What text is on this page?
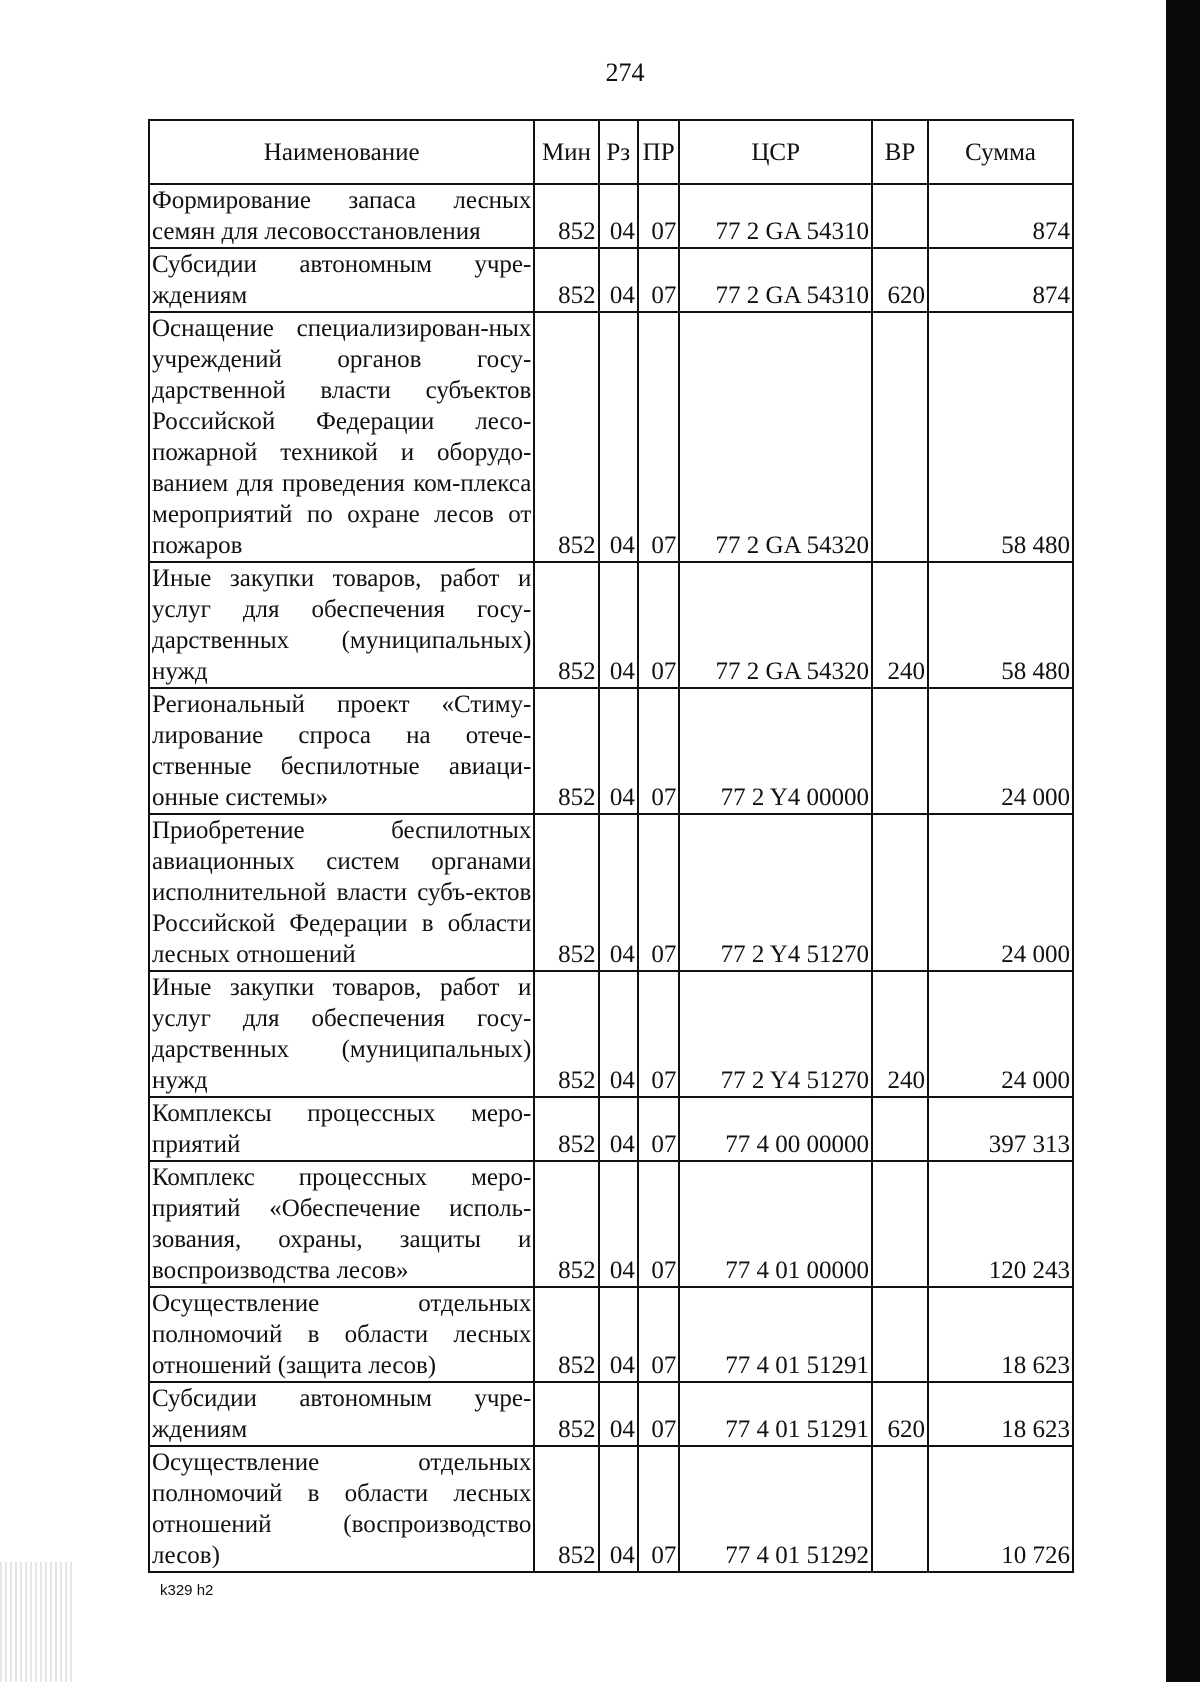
274
Наименование	Мин	Рз	ПР	ЦСР	ВР	Сумма
Формирование запаса лесных семян для лесовосстановления	852	04	07	77 2 GA 54310		874
Субсидии автономным учре-ждениям	852	04	07	77 2 GA 54310	620	874
Оснащение специализирован-ных учреждений органов госу-дарственной власти субъектов Российской Федерации лесо-пожарной техникой и оборудо-ванием для проведения ком-плекса мероприятий по охране лесов от пожаров	852	04	07	77 2 GA 54320		58 480
Иные закупки товаров, работ и услуг для обеспечения госу-дарственных (муниципальных) нужд	852	04	07	77 2 GA 54320	240	58 480
Региональный проект «Стиму-лирование спроса на отече-ственные беспилотные авиаци-онные системы»	852	04	07	77 2 Y4 00000		24 000
Приобретение беспилотных авиационных систем органами исполнительной власти субъ-ектов Российской Федерации в области лесных отношений	852	04	07	77 2 Y4 51270		24 000
Иные закупки товаров, работ и услуг для обеспечения госу-дарственных (муниципальных) нужд	852	04	07	77 2 Y4 51270	240	24 000
Комплексы процессных меро-приятий	852	04	07	77 4 00 00000		397 313
Комплекс процессных меро-приятий «Обеспечение исполь-зования, охраны, защиты и воспроизводства лесов»	852	04	07	77 4 01 00000		120 243
Осуществление отдельных полномочий в области лесных отношений (защита лесов)	852	04	07	77 4 01 51291		18 623
Субсидии автономным учре-ждениям	852	04	07	77 4 01 51291	620	18 623
Осуществление отдельных полномочий в области лесных отношений (воспроизводство лесов)	852	04	07	77 4 01 51292		10 726
k329 h2
